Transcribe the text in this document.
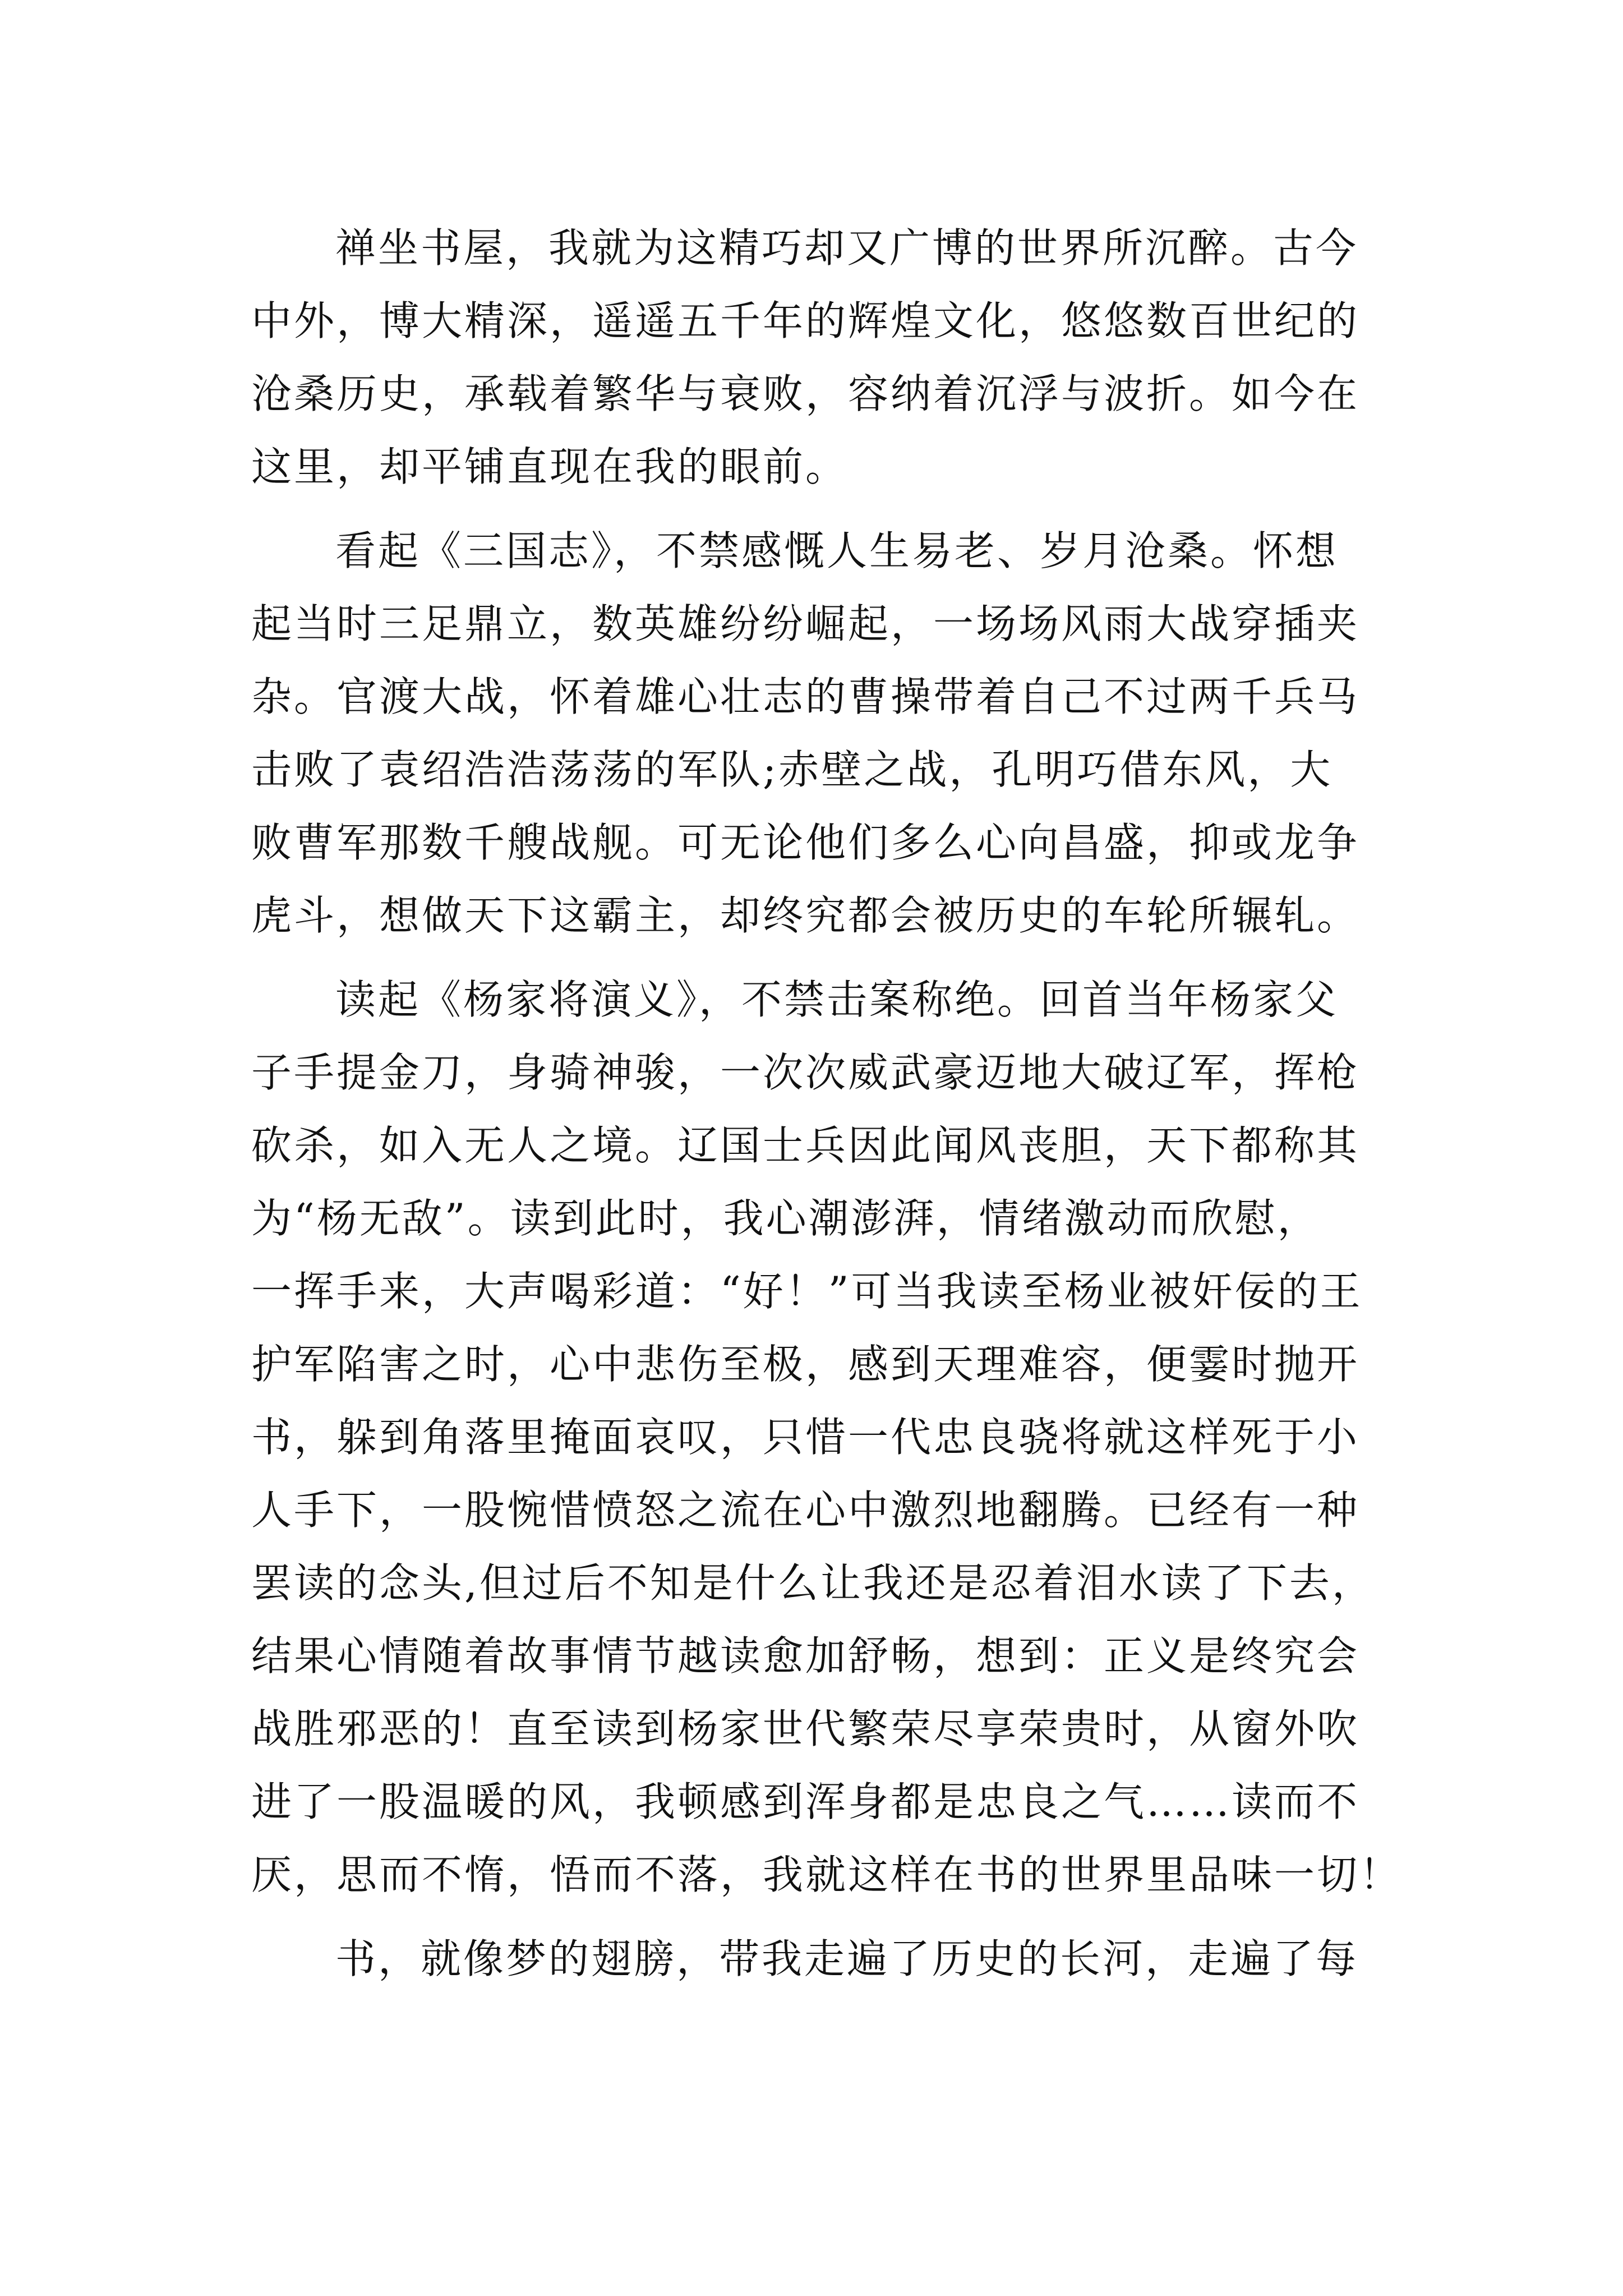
禅坐书屋，我就为这精巧却又广博的世界所沉醉。古今
中外，博大精深，遥遥五千年的辉煌文化，悠悠数百世纪的
沧桑历史，承载着繁华与衰败，容纳着沉浮与波折。如今在
这里，却平铺直现在我的眼前。
看起《三国志》，不禁感慨人生易老、岁月沧桑。怀想
起当时三足鼎立，数英雄纷纷崛起，一场场风雨大战穿插夹
杂。官渡大战，怀着雄心壮志的曹操带着自己不过两千兵马
击败了袁绍浩浩荡荡的军队;赤壁之战，孔明巧借东风，大
败曹军那数千艘战舰。可无论他们多么心向昌盛，抑或龙争
虎斗，想做天下这霸主，却终究都会被历史的车轮所辗轧。
读起《杨家将演义》，不禁击案称绝。回首当年杨家父
子手提金刀，身骑神骏，一次次威武豪迈地大破辽军，挥枪
砍杀，如入无人之境。辽国士兵因此闻风丧胆，天下都称其
为“杨无敌”。读到此时，我心潮澎湃，情绪激动而欣慰，
一挥手来，大声喝彩道：“好！”可当我读至杨业被奸佞的王
护军陷害之时，心中悲伤至极，感到天理难容，便霎时抛开
书，躲到角落里掩面哀叹，只惜一代忠良骁将就这样死于小
人手下，一股惋惜愤怒之流在心中激烈地翻腾。已经有一种
罢读的念头,但过后不知是什么让我还是忍着泪水读了下去，
结果心情随着故事情节越读愈加舒畅，想到：正义是终究会
战胜邪恶的！直至读到杨家世代繁荣尽享荣贵时，从窗外吹
进了一股温暖的风，我顿感到浑身都是忠良之气……读而不
厌，思而不惰，悟而不落，我就这样在书的世界里品味一切！
书，就像梦的翅膀，带我走遍了历史的长河，走遍了每
